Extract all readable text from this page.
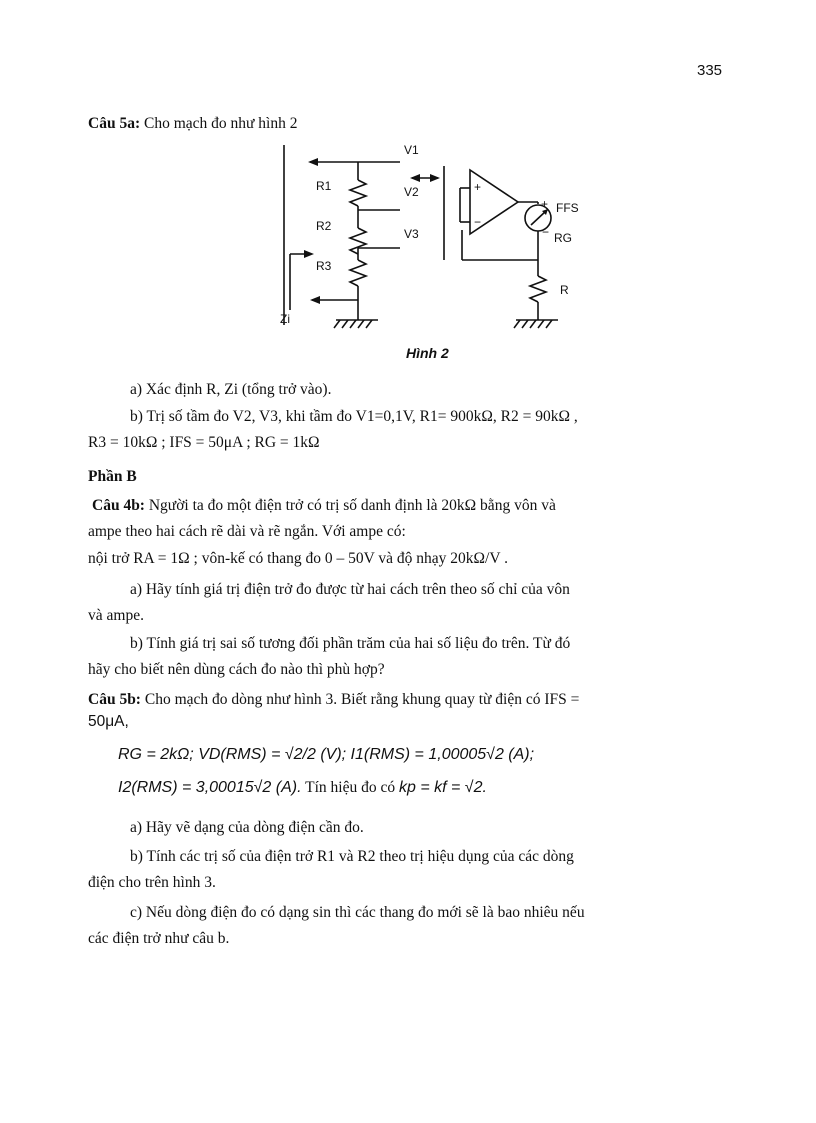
335
Câu 5a: Cho mạch đo như hình 2
V1
V2
V3
R1
R2
R3
Zi
+
−
+ FFS
− RG
R
Hình 2
a) Xác định R, Zi (tổng trở vào).
b) Trị số tầm đo V2, V3, khi tầm đo V1=0,1V, R1= 900kΩ, R2 = 90kΩ ,
R3 = 10kΩ ; IFS = 50μA ; RG = 1kΩ
Phần B
Câu 4b: Người ta đo một điện trở có trị số danh định là 20kΩ bằng vôn và
ampe theo hai cách rẽ dài và rẽ ngắn. Với ampe có:
nội trở RA = 1Ω ; vôn-kế có thang đo 0 – 50V và độ nhạy 20kΩ/V .
a) Hãy tính giá trị điện trở đo được từ hai cách trên theo số chỉ của vôn
và ampe.
b) Tính giá trị sai số tương đối phần trăm của hai số liệu đo trên. Từ đó
hãy cho biết nên dùng cách đo nào thì phù hợp?
Câu 5b: Cho mạch đo dòng như hình 3. Biết rằng khung quay từ điện có IFS =
50μA,
RG = 2kΩ; VD(RMS) = √2/2 (V); I1(RMS) = 1,00005√2 (A);
I2(RMS) = 3,00015√2 (A). Tín hiệu đo có kp = kf = √2.
a) Hãy vẽ dạng của dòng điện cần đo.
b) Tính các trị số của điện trở R1 và R2 theo trị hiệu dụng của các dòng
điện cho trên hình 3.
c) Nếu dòng điện đo có dạng sin thì các thang đo mới sẽ là bao nhiêu nếu
các điện trở như câu b.
